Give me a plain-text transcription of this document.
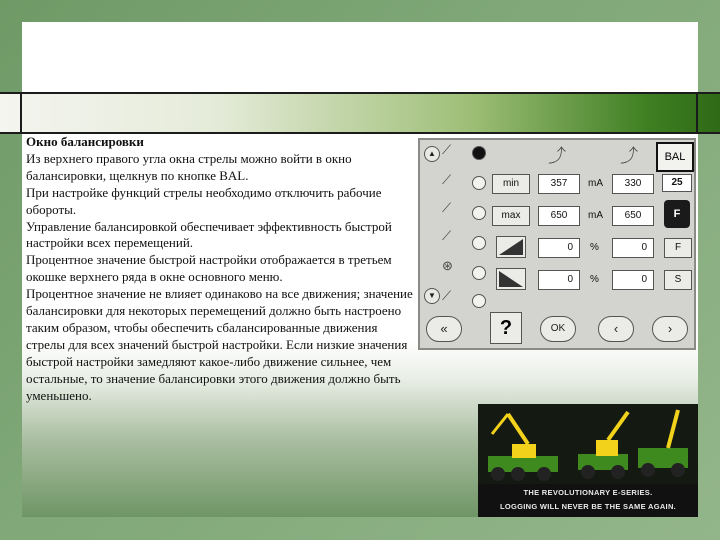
Окно балансировки

Из верхнего правого угла окна стрелы можно войти в окно балансировки, щелкнув по кнопке BAL.

При настройке функций стрелы необходимо отключить рабочие обороты.

Управление балансировкой обеспечивает эффективность быстрой настройки всех перемещений.

Процентное значение быстрой настройки отображается в третьем окошке верхнего ряда в окне основного меню.

Процентное значение не влияет одинаково на все движения; значение балансировки для некоторых перемещений должно быть настроено таким образом, чтобы обеспечить сбалансированные движения стрелы для всех значений быстрой настройки. Если низкие значения быстрой настройки замедляют какое-либо движение сильнее, чем остальные, то значение балансировки этого движения должно быть уменьшено.

▲
▼
⟋
⟋
⟋
⟋
⊛
⟋
⤴	⤴	BAL
min	357	mA	330	25
max	650	mA	650	F
0	%	0	F
0	%	0	S
«	?	OK	‹	›
THE REVOLUTIONARY E-SERIES.
LOGGING WILL NEVER BE THE SAME AGAIN.
